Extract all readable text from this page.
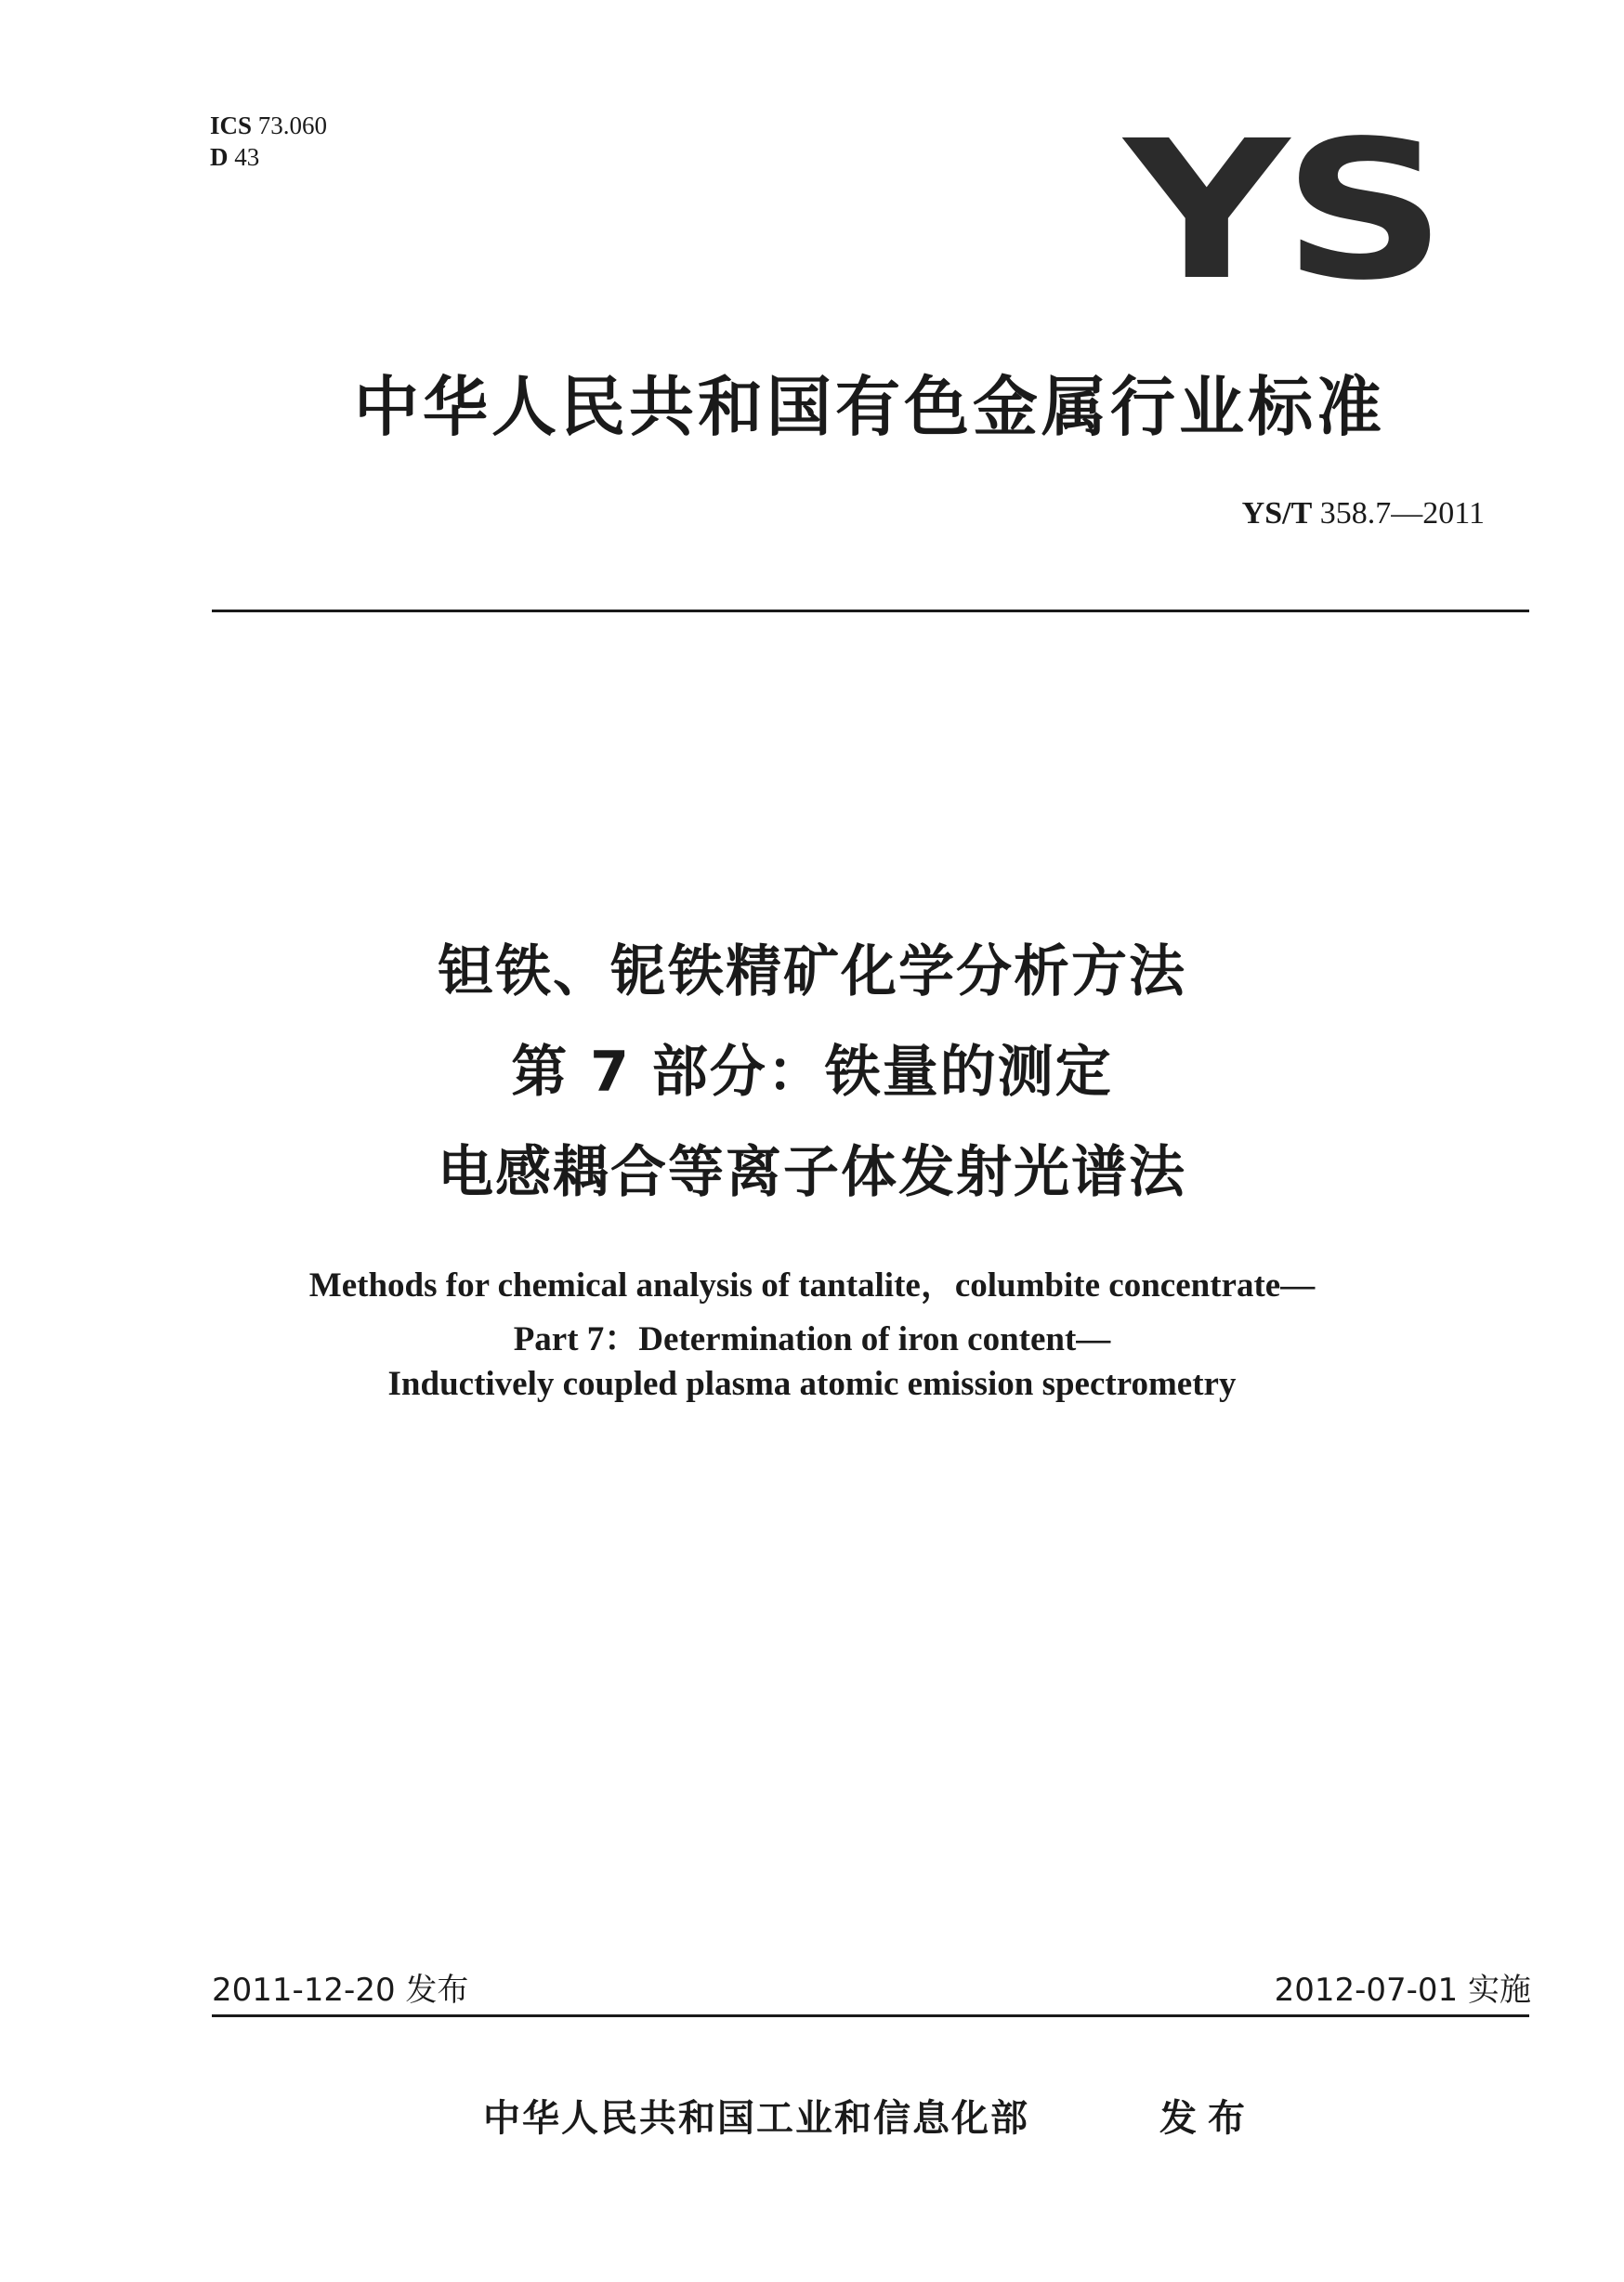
ICS 73.060
D 43	YS
中华人民共和国有色金属行业标准
YS/T 358.7—2011
钽铁、铌铁精矿化学分析方法
第 7 部分：铁量的测定
电感耦合等离子体发射光谱法
Methods for chemical analysis of tantalite，columbite concentrate—
Part 7：Determination of iron content—
Inductively coupled plasma atomic emission spectrometry
2011-12-20 发布	2012-07-01 实施
中华人民共和国工业和信息化部	发布
